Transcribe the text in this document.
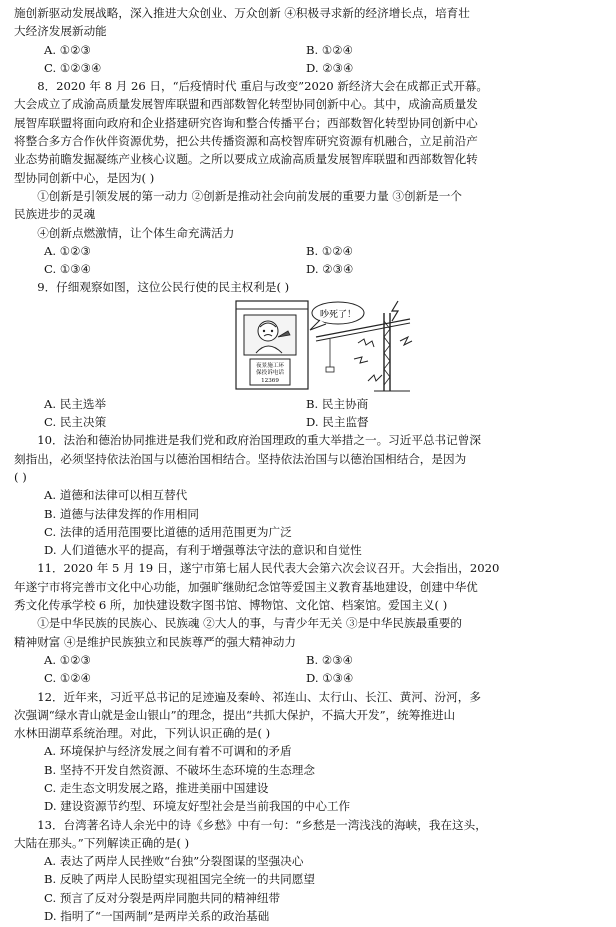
施创新驱动发展战略，深入推进大众创业、万众创新 ④积极寻求新的经济增长点，培育壮

大经济发展新动能

A. ①②③	B. ①②④
C. ①②③④	D. ②③④

8．2020 年 8 月 26 日，“后疫情时代 重启与改变”2020 新经济大会在成都正式开幕。

大会成立了成渝高质量发展智库联盟和西部数智化转型协同创新中心。其中，成渝高质量发

展智库联盟将面向政府和企业搭建研究咨询和整合传播平台；西部数智化转型协同创新中心

将整合多方合作伙伴资源优势，把公共传播资源和高校智库研究资源有机融合，立足前沿产

业态势前瞻发掘凝练产业核心议题。之所以要成立成渝高质量发展智库联盟和西部数智化转

型协同创新中心，是因为( )

①创新是引领发展的第一动力 ②创新是推动社会向前发展的重要力量 ③创新是一个

民族进步的灵魂

④创新点燃激情，让个体生命充满活力

A. ①②③	B. ①②④
C. ①③④	D. ②③④

9．仔细观察如图，这位公民行使的民主权利是( )

夜景施工环
保投诉电话
12369
吵死了！
A. 民主选举	B. 民主协商
C. 民主决策	D. 民主监督

10．法治和德治协同推进是我们党和政府治国理政的重大举措之一。习近平总书记曾深

刻指出，必须坚持依法治国与以德治国相结合。坚持依法治国与以德治国相结合，是因为

( )

A. 道德和法律可以相互替代
B. 道德与法律发挥的作用相同
C. 法律的适用范围要比道德的适用范围更为广泛
D. 人们道德水平的提高，有利于增强尊法守法的意识和自觉性

11．2020 年 5 月 19 日，遂宁市第七届人民代表大会第六次会议召开。大会指出，2020

年遂宁市将完善市文化中心功能，加强旷继勋纪念馆等爱国主义教育基地建设，创建中华优

秀文化传承学校 6 所，加快建设数字图书馆、博物馆、文化馆、档案馆。爱国主义( )

①是中华民族的民族心、民族魂 ②大人的事，与青少年无关 ③是中华民族最重要的

精神财富 ④是维护民族独立和民族尊严的强大精神动力

A. ①②③	B. ②③④
C. ①②④	D. ①③④

12．近年来，习近平总书记的足迹遍及秦岭、祁连山、太行山、长江、黄河、汾河，多

次强调“绿水青山就是金山银山”的理念，提出“共抓大保护，不搞大开发”，统筹推进山

水林田湖草系统治理。对此，下列认识正确的是( )

A. 环境保护与经济发展之间有着不可调和的矛盾
B. 坚持不开发自然资源、不破坏生态环境的生态理念
C. 走生态文明发展之路，推进美丽中国建设
D. 建设资源节约型、环境友好型社会是当前我国的中心工作

13．台湾著名诗人余光中的诗《乡愁》中有一句：“乡愁是一湾浅浅的海峡，我在这头，

大陆在那头。”下列解读正确的是( )

A. 表达了两岸人民挫败“台独”分裂图谋的坚强决心
B. 反映了两岸人民盼望实现祖国完全统一的共同愿望
C. 预言了反对分裂是两岸同胞共同的精神纽带
D. 指明了“一国两制”是两岸关系的政治基础
